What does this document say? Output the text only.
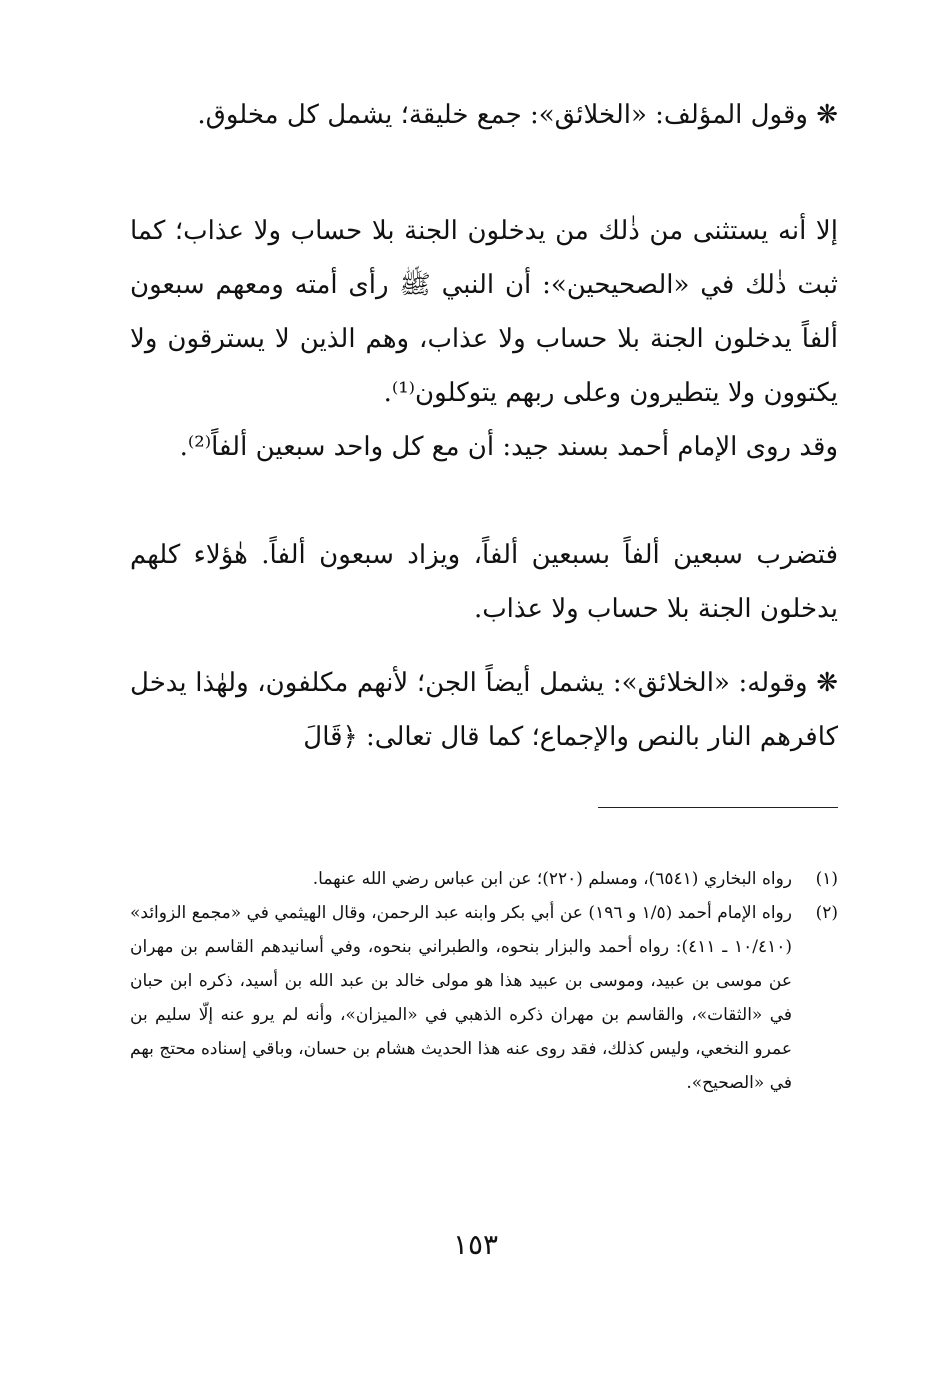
❋ وقول المؤلف: «الخلائق»: جمع خليقة؛ يشمل كل مخلوق.

إلا أنه يستثنى من ذٰلك من يدخلون الجنة بلا حساب ولا عذاب؛ كما ثبت ذٰلك في «الصحيحين»: أن النبي ﷺ رأى أمته ومعهم سبعون ألفاً يدخلون الجنة بلا حساب ولا عذاب، وهم الذين لا يسترقون ولا يكتوون ولا يتطيرون وعلى ربهم يتوكلون⁽¹⁾.

وقد روى الإمام أحمد بسند جيد: أن مع كل واحد سبعين ألفاً⁽²⁾.

فتضرب سبعين ألفاً بسبعين ألفاً، ويزاد سبعون ألفاً. هٰؤلاء كلهم يدخلون الجنة بلا حساب ولا عذاب.

❋ وقوله: «الخلائق»: يشمل أيضاً الجن؛ لأنهم مكلفون، ولهٰذا يدخل كافرهم النار بالنص والإجماع؛ كما قال تعالى: ﴿قَالَ

(١)
رواه البخاري (٦٥٤١)، ومسلم (٢٢٠)؛ عن ابن عباس رضي الله عنهما.
(٢)
رواه الإمام أحمد (١/٥ و ١٩٦) عن أبي بكر وابنه عبد الرحمن، وقال الهيثمي في «مجمع الزوائد» (١٠/٤١٠ ـ ٤١١): رواه أحمد والبزار بنحوه، والطبراني بنحوه، وفي أسانيدهم القاسم بن مهران عن موسى بن عبيد، وموسى بن عبيد هذا هو مولى خالد بن عبد الله بن أسيد، ذكره ابن حبان في «الثقات»، والقاسم بن مهران ذكره الذهبي في «الميزان»، وأنه لم يرو عنه إلّا سليم بن عمرو النخعي، وليس كذلك، فقد روى عنه هذا الحديث هشام بن حسان، وباقي إسناده محتج بهم في «الصحيح».
١٥٣
